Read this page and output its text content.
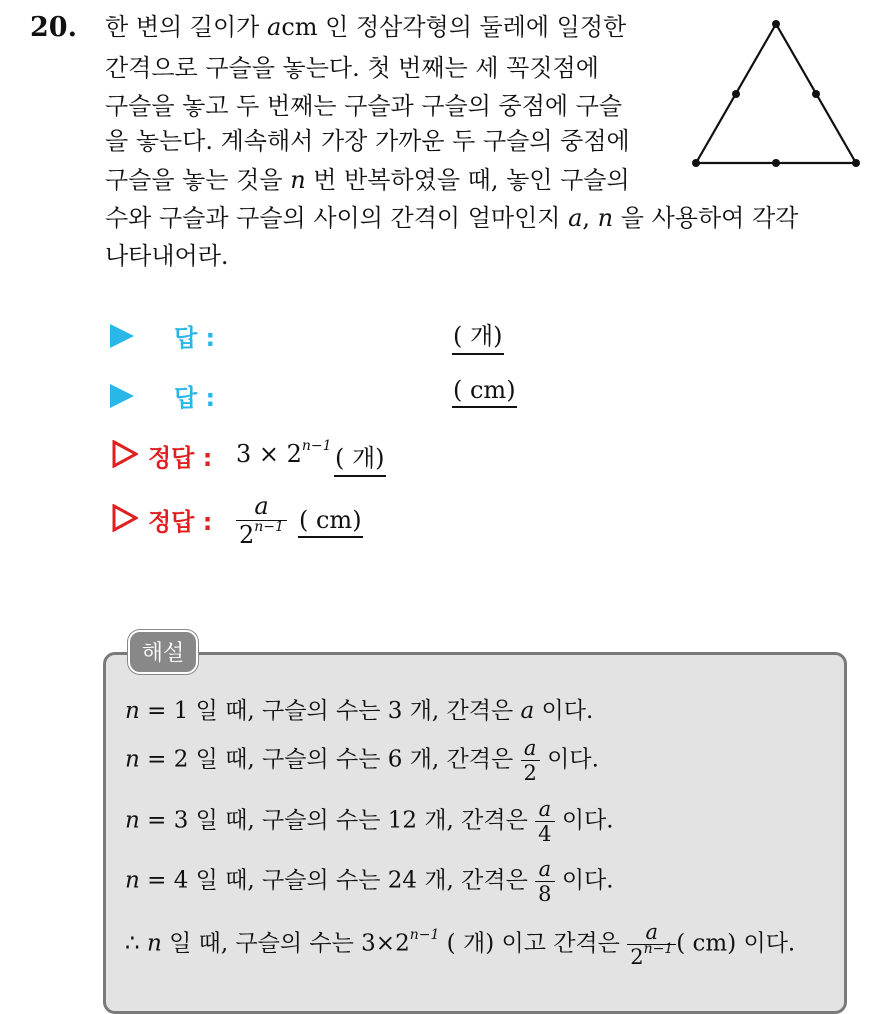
20. 한 변의 길이가 acm 인 정삼각형의 둘레에 일정한
간격으로 구슬을 놓는다. 첫 번째는 세 꼭짓점에
구슬을 놓고 두 번째는 구슬과 구슬의 중점에 구슬
을 놓는다. 계속해서 가장 가까운 두 구슬의 중점에
구슬을 놓는 것을 n 번 반복하였을 때, 놓인 구슬의
수와 구슬과 구슬의 사이의 간격이 얼마인지 a, n 을 사용하여 각각
나타내어라.
답 :	( 개)
답 :	( cm)
정답 : $3 \times 2^{n-1}$ ( 개)
정답 : $\frac{a}{2^{n-1}}$ ( cm)
해설
n = 1 일 때, 구슬의 수는 3 개, 간격은 a 이다.
n = 2 일 때, 구슬의 수는 6 개, 간격은 $\frac{a}{2}$ 이다.
n = 3 일 때, 구슬의 수는 12 개, 간격은 $\frac{a}{4}$ 이다.
n = 4 일 때, 구슬의 수는 24 개, 간격은 $\frac{a}{8}$ 이다.
∴ n 일 때, 구슬의 수는 $3\times 2^{n-1}$ ( 개) 이고 간격은 $\frac{a}{2^{n-1}}$ ( cm) 이다.
